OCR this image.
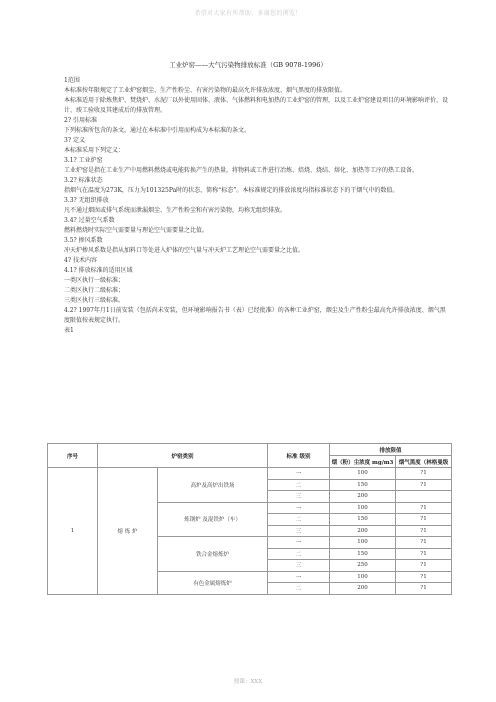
希望对大家有所帮助，多谢您的浏览！
工业炉窑——大气污染物排放标准（GB 9078-1996）

1范围

本标准按年限规定了工业炉窑烟尘、生产性粉尘、有害污染物的最高允许排放浓度、烟气黑度的排放限值。

本标准适用于除炼焦炉、焚烧炉、水泥厂以外使用固体、液体、气体燃料和电加热的工业炉窑的管理，以及工业炉窑建设项目的环境影响评价、设计、竣工验收及其建成后的排放管理。

2? 引用标准

下列标准所包含的条文，通过在本标准中引用而构成为本标准的条文。

3? 定义

本标准采用下列定义：

3.1? 工业炉窑

工业炉窑是指在工业生产中用燃料燃烧或电能转换产生的热量，将物料或工件进行冶炼、焙烧、烧结、熔化、加热等工序的热工设备。

3.2? 标准状态

指烟气在温度为273K，压力为101325Pa时的状态，简称“标态”。本标准规定的排放浓度均指标准状态下的干烟气中的数值。

3.3? 无组织排放

凡不通过烟囱或排气系统而泄漏烟尘、生产性粉尘和有害污染物，均称无组织排放。

3.4? 过量空气系数

燃料燃烧时实际空气需要量与理论空气需要量之比值。

3.5? 掺风系数

冲天炉掺风系数是指从加料口等处进入炉体的空气量与冲天炉工艺理论空气需要量之比值。

4? 技术内容

4.1? 排放标准的适用区域

一类区执行一级标准；

二类区执行二级标准；

三类区执行三级标准。

4.2? 1997年月1日前安装（包括尚未安装，但环境影响报告书（表）已经批准）的各种工业炉窑，烟尘及生产性粉尘最高允许排放浓度、烟气黑度限值按表规定执行。

表1

序号	炉窑类别		标准 级别	排放限值	
				烟（粉）尘浓度 mg/m3	烟气黑度（林格曼级
1	熔 炼 炉	高炉及高炉出铁场	一	100	?1
			二	150	?1
			三	200	
		炼钢炉 及混铁炉（车）	一	100	?1
			二	150	?1
			三	200	?1
		铁合金熔炼炉	一	100	?1
			二	150	?1
			三	250	?1
		有色金属熔炼炉	一	100	?1
			二	200	?1
授课：XXX
